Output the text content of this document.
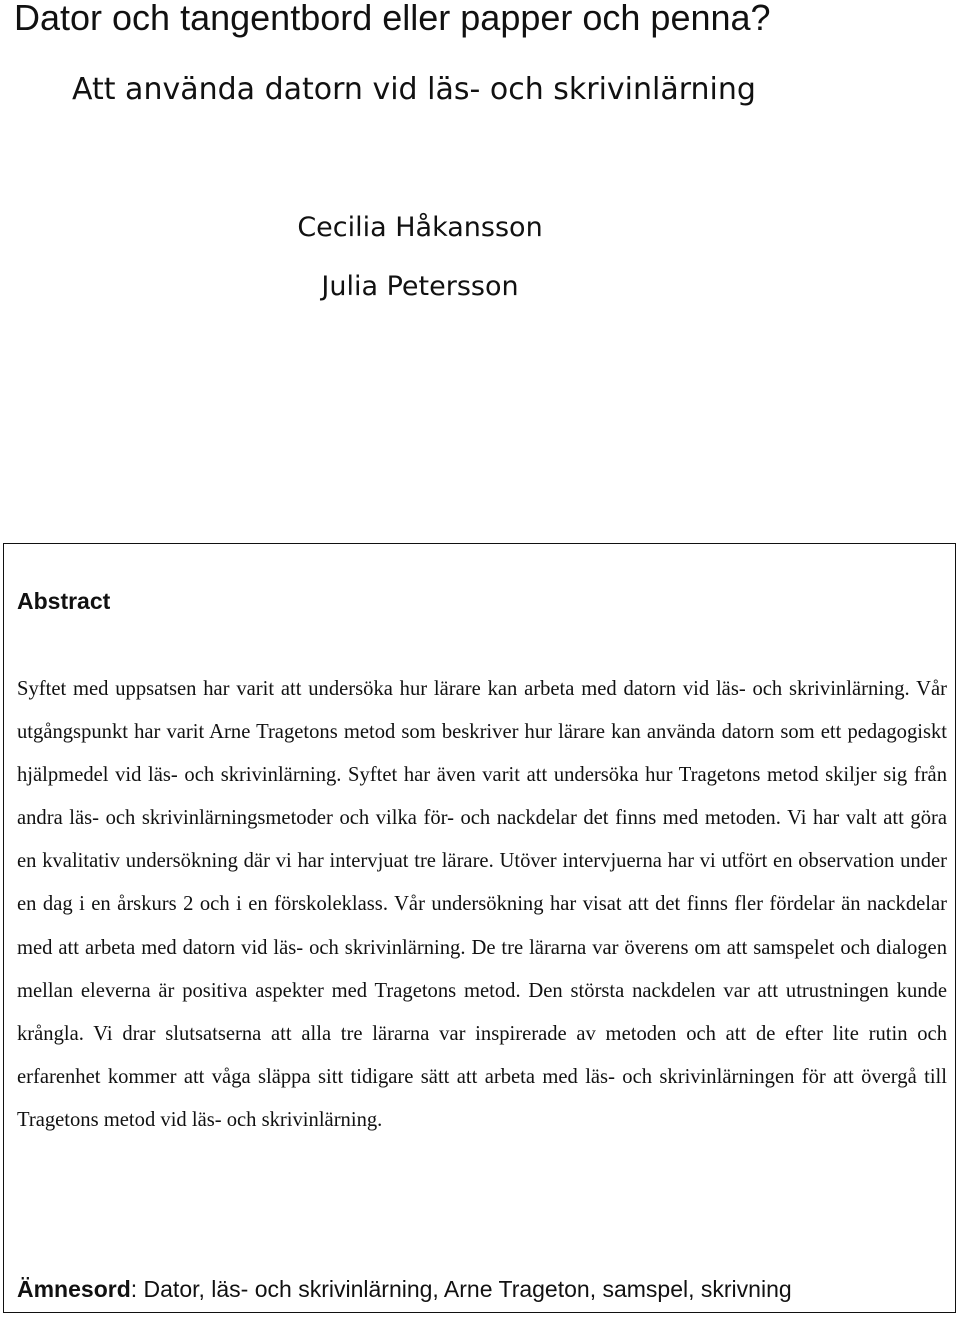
Dator och tangentbord eller papper och penna?
Att använda datorn vid läs- och skrivinlärning
Cecilia Håkansson
Julia Petersson
Abstract

Syftet med uppsatsen har varit att undersöka hur lärare kan arbeta med datorn vid läs- och skrivinlärning. Vår utgångspunkt har varit Arne Tragetons metod som beskriver hur lärare kan använda datorn som ett pedagogiskt hjälpmedel vid läs- och skrivinlärning. Syftet har även varit att undersöka hur Tragetons metod skiljer sig från andra läs- och skrivinlärningsmetoder och vilka för- och nackdelar det finns med metoden. Vi har valt att göra en kvalitativ undersökning där vi har intervjuat tre lärare. Utöver intervjuerna har vi utfört en observation under en dag i en årskurs 2 och i en förskoleklass. Vår undersökning har visat att det finns fler fördelar än nackdelar med att arbeta med datorn vid läs- och skrivinlärning. De tre lärarna var överens om att samspelet och dialogen mellan eleverna är positiva aspekter med Tragetons metod. Den största nackdelen var att utrustningen kunde krångla. Vi drar slutsatserna att alla tre lärarna var inspirerade av metoden och att de efter lite rutin och erfarenhet kommer att våga släppa sitt tidigare sätt att arbeta med läs- och skrivinlärningen för att övergå till Tragetons metod vid läs- och skrivinlärning.

Ämnesord: Dator, läs- och skrivinlärning, Arne Trageton, samspel, skrivning
